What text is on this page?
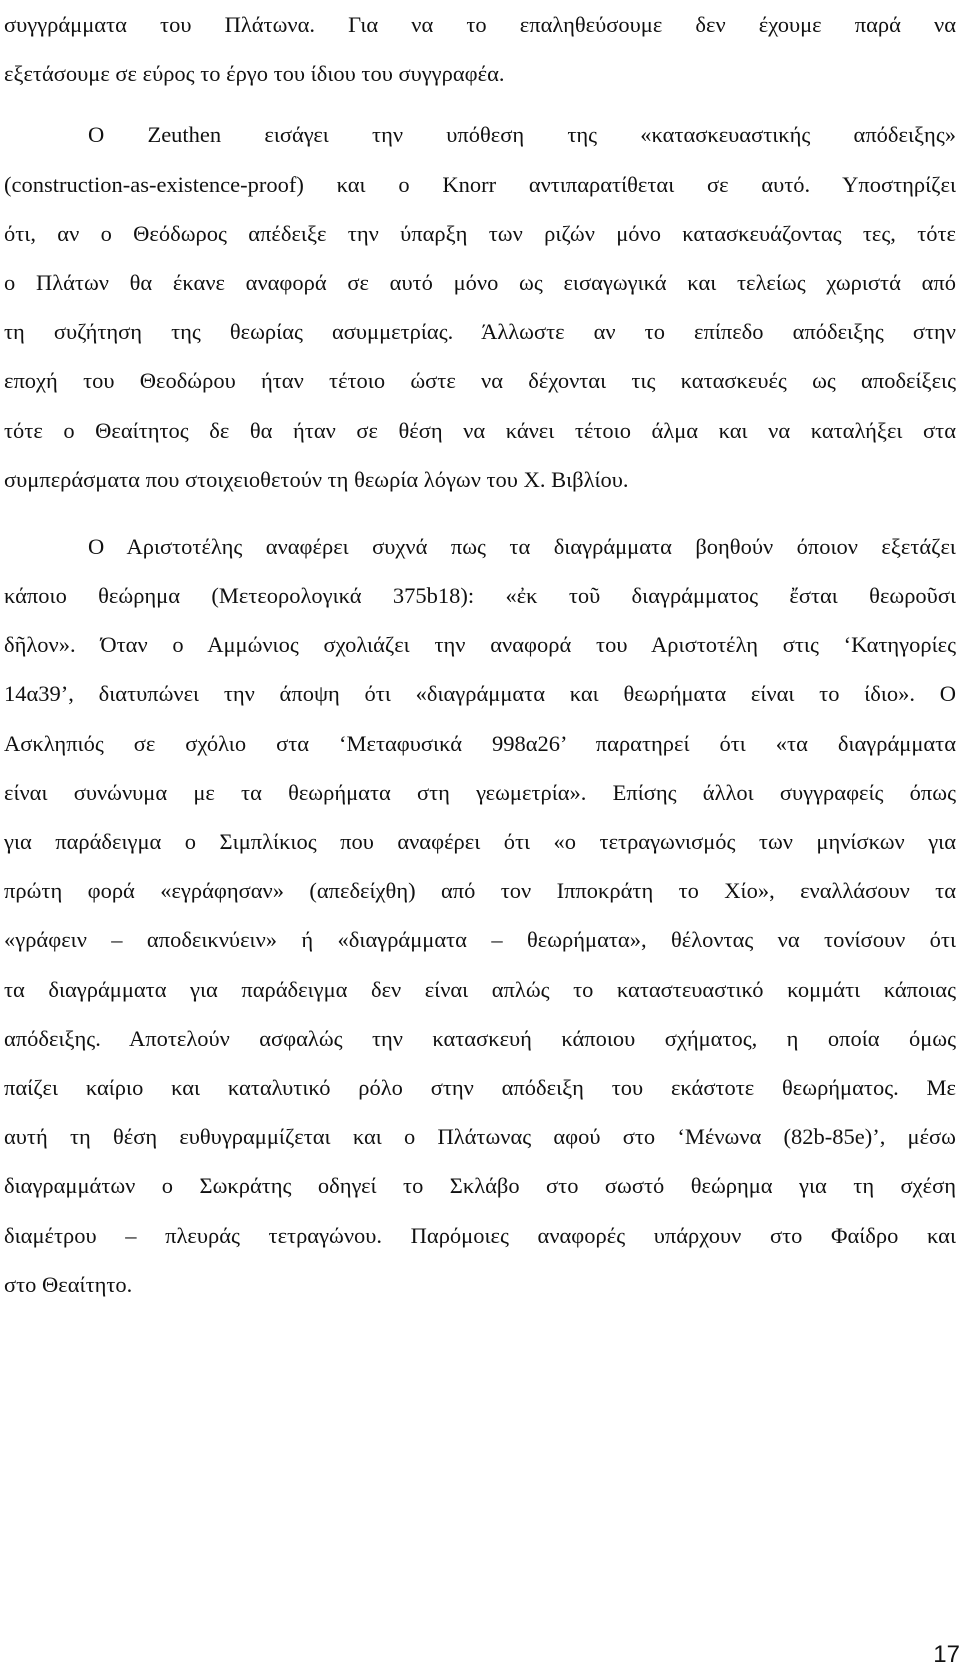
συγγράμματα του Πλάτωνα. Για να το επαληθεύσουμε δεν έχουμε παρά να
εξετάσουμε σε εύρος το έργο του ίδιου του συγγραφέα.
Ο Zeuthen εισάγει την υπόθεση της «κατασκευαστικής απόδειξης»
(construction-as-existence-proof) και ο Knorr αντιπαρατίθεται σε αυτό. Υποστηρίζει
ότι, αν ο Θεόδωρος απέδειξε την ύπαρξη των ριζών μόνο κατασκευάζοντας τες, τότε
ο Πλάτων θα έκανε αναφορά σε αυτό μόνο ως εισαγωγικά και τελείως χωριστά από
τη συζήτηση της θεωρίας ασυμμετρίας. Άλλωστε αν το επίπεδο απόδειξης στην
εποχή του Θεοδώρου ήταν τέτοιο ώστε να δέχονται τις κατασκευές ως αποδείξεις
τότε ο Θεαίτητος δε θα ήταν σε θέση να κάνει τέτοιο άλμα και να καταλήξει στα
συμπεράσματα που στοιχειοθετούν τη θεωρία λόγων του Χ. Βιβλίου.
Ο Αριστοτέλης αναφέρει συχνά πως τα διαγράμματα βοηθούν όποιον εξετάζει
κάποιο θεώρημα (Μετεορολογικά 375b18): «ἐκ τοῦ διαγράμματος ἔσται θεωροῦσι
δῆλον». Όταν ο Αμμώνιος σχολιάζει την αναφορά του Αριστοτέλη στις ‘Κατηγορίες
14α39’, διατυπώνει την άποψη ότι «διαγράμματα και θεωρήματα είναι το ίδιο». Ο
Ασκληπιός σε σχόλιο στα ‘Μεταφυσικά 998α26’ παρατηρεί ότι «τα διαγράμματα
είναι συνώνυμα με τα θεωρήματα στη γεωμετρία». Επίσης άλλοι συγγραφείς όπως
για παράδειγμα ο Σιμπλίκιος που αναφέρει ότι «ο τετραγωνισμός των μηνίσκων για
πρώτη φορά «εγράφησαν» (απεδείχθη) από τον Ιπποκράτη το Χίο», εναλλάσουν τα
«γράφειν – αποδεικνύειν» ή «διαγράμματα – θεωρήματα», θέλοντας να τονίσουν ότι
τα διαγράμματα για παράδειγμα δεν είναι απλώς το καταστευαστικό κομμάτι κάποιας
απόδειξης. Αποτελούν ασφαλώς την κατασκευή κάποιου σχήματος, η οποία όμως
παίζει καίριο και καταλυτικό ρόλο στην απόδειξη του εκάστοτε θεωρήματος. Με
αυτή τη θέση ευθυγραμμίζεται και ο Πλάτωνας αφού στο ‘Μένωνα (82b-85e)’, μέσω
διαγραμμάτων ο Σωκράτης οδηγεί το Σκλάβο στο σωστό θεώρημα για τη σχέση
διαμέτρου – πλευράς τετραγώνου. Παρόμοιες αναφορές υπάρχουν στο Φαίδρο και
στο Θεαίτητο.
17
